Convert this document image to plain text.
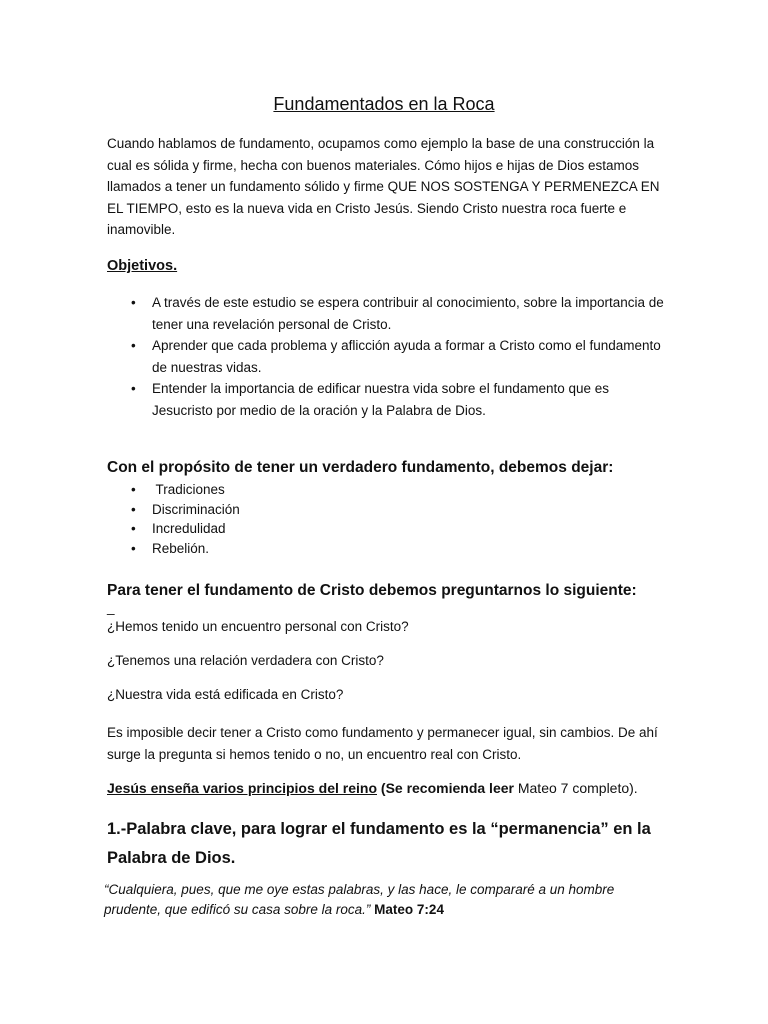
Fundamentados en la Roca

Cuando hablamos de fundamento, ocupamos como ejemplo la base de una construcción la cual es sólida y firme, hecha con buenos materiales. Cómo hijos e hijas de Dios estamos llamados a tener un fundamento sólido y firme QUE NOS SOSTENGA Y PERMENEZCA EN EL TIEMPO, esto es la nueva vida en Cristo Jesús. Siendo Cristo nuestra roca fuerte e inamovible.

Objetivos.
• A través de este estudio se espera contribuir al conocimiento, sobre la importancia de tener una revelación personal de Cristo.
• Aprender que cada problema y aflicción ayuda a formar a Cristo como el fundamento de nuestras vidas.
• Entender la importancia de edificar nuestra vida sobre el fundamento que es Jesucristo por medio de la oración y la Palabra de Dios.
Con el propósito de tener un verdadero fundamento, debemos dejar:
• Tradiciones
• Discriminación
• Incredulidad
• Rebelión.
Para tener el fundamento de Cristo debemos preguntarnos lo siguiente:
_
¿Hemos tenido un encuentro personal con Cristo?
¿Tenemos una relación verdadera con Cristo?
¿Nuestra vida está edificada en Cristo?

Es imposible decir tener a Cristo como fundamento y permanecer igual, sin cambios. De ahí surge la pregunta si hemos tenido o no, un encuentro real con Cristo.

Jesús enseña varios principios del reino (Se recomienda leer Mateo 7 completo).
1.-Palabra clave, para lograr el fundamento es la “permanencia” en la Palabra de Dios.
“Cualquiera, pues, que me oye estas palabras, y las hace, le compararé a un hombre prudente, que edificó su casa sobre la roca.” Mateo 7:24
